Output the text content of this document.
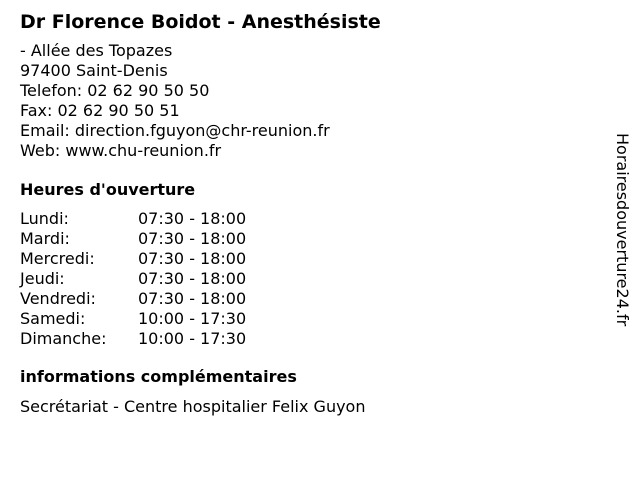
Dr Florence Boidot - Anesthésiste
- Allée des Topazes
97400 Saint-Denis
Telefon: 02 62 90 50 50
Fax: 02 62 90 50 51
Email: direction.fguyon@chr-reunion.fr
Web: www.chu-reunion.fr
Heures d'ouverture
Lundi:	07:30 - 18:00
Mardi:	07:30 - 18:00
Mercredi:	07:30 - 18:00
Jeudi:	07:30 - 18:00
Vendredi:	07:30 - 18:00
Samedi:	10:00 - 17:30
Dimanche: 10:00 - 17:30
informations complémentaires
Secrétariat - Centre hospitalier Felix Guyon
Horairesdouverture24.fr
